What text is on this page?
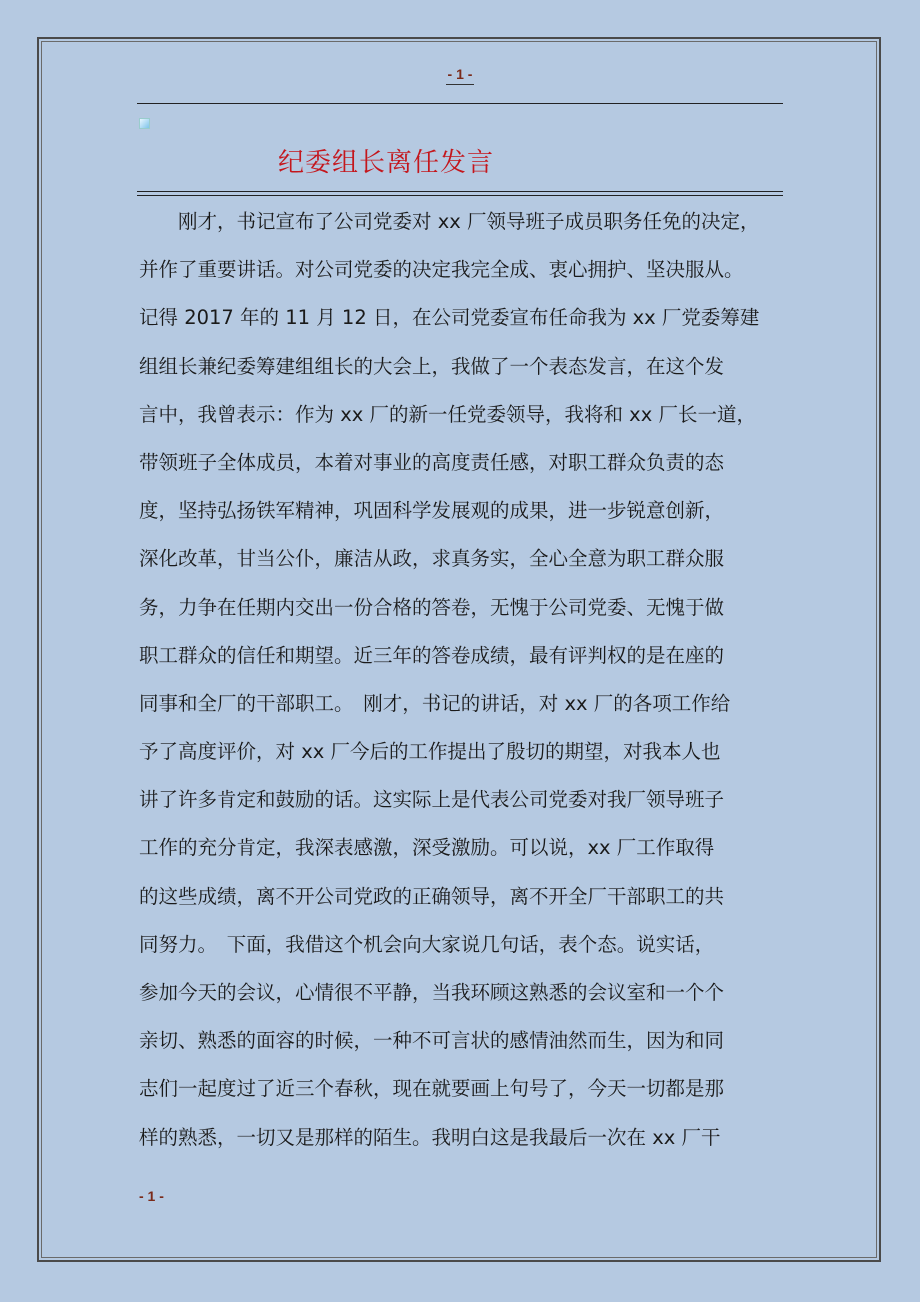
- 1 -
纪委组长离任发言
　　刚才，书记宣布了公司党委对 xx 厂领导班子成员职务任免的决定，
并作了重要讲话。对公司党委的决定我完全成、衷心拥护、坚决服从。
记得 2017 年的 11 月 12 日，在公司党委宣布任命我为 xx 厂党委筹建
组组长兼纪委筹建组组长的大会上，我做了一个表态发言，在这个发
言中，我曾表示：作为 xx 厂的新一任党委领导，我将和 xx 厂长一道，
带领班子全体成员，本着对事业的高度责任感，对职工群众负责的态
度，坚持弘扬铁军精神，巩固科学发展观的成果，进一步锐意创新，
深化改革，甘当公仆，廉洁从政，求真务实，全心全意为职工群众服
务，力争在任期内交出一份合格的答卷，无愧于公司党委、无愧于做
职工群众的信任和期望。近三年的答卷成绩，最有评判权的是在座的
同事和全厂的干部职工。　刚才，书记的讲话，对 xx 厂的各项工作给
予了高度评价，对 xx 厂今后的工作提出了殷切的期望，对我本人也
讲了许多肯定和鼓励的话。这实际上是代表公司党委对我厂领导班子
工作的充分肯定，我深表感激，深受激励。可以说，xx 厂工作取得
的这些成绩，离不开公司党政的正确领导，离不开全厂干部职工的共
同努力。　下面，我借这个机会向大家说几句话，表个态。说实话，
参加今天的会议，心情很不平静，当我环顾这熟悉的会议室和一个个
亲切、熟悉的面容的时候，一种不可言状的感情油然而生，因为和同
志们一起度过了近三个春秋，现在就要画上句号了，今天一切都是那
样的熟悉，一切又是那样的陌生。我明白这是我最后一次在 xx 厂干
- 1 -
